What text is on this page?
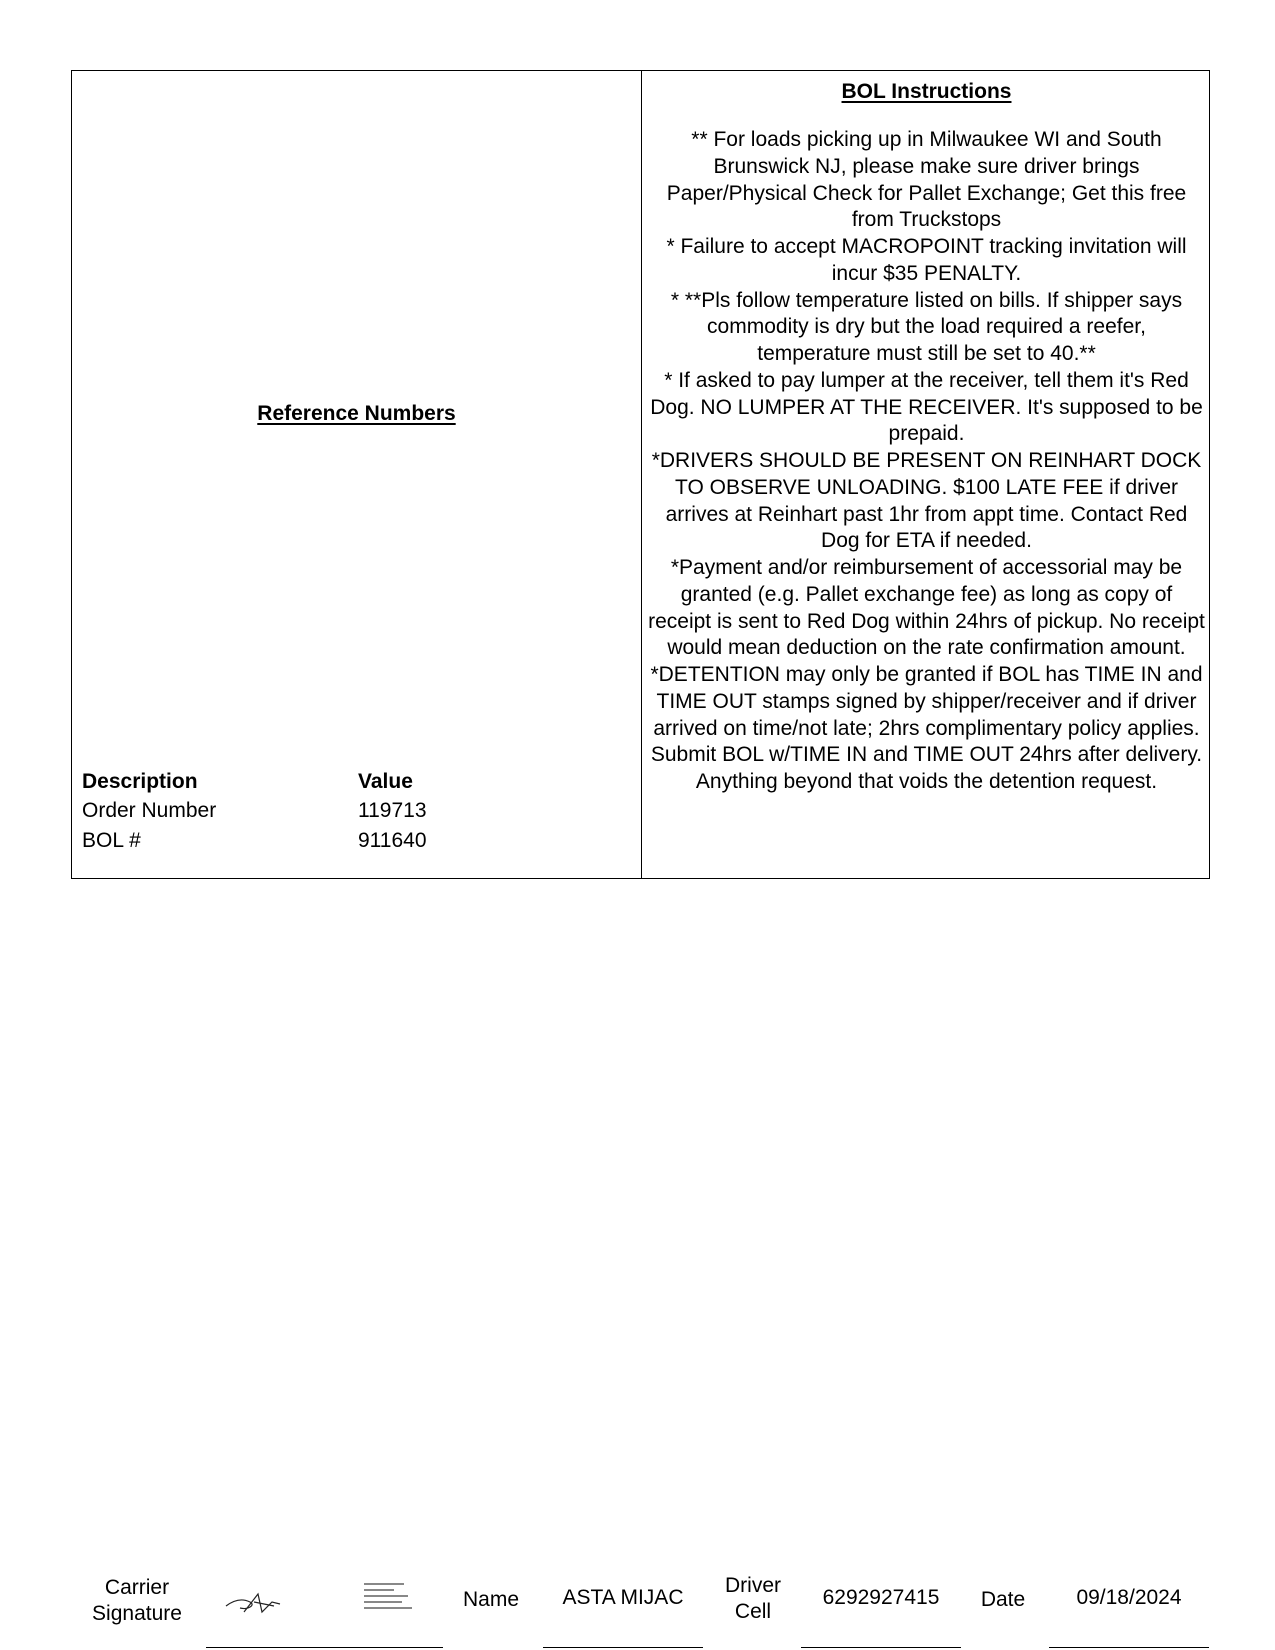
Reference Numbers
Description	Value
Order Number	119713
BOL #	911640
BOL Instructions

** For loads picking up in Milwaukee WI and South Brunswick NJ, please make sure driver brings Paper/Physical Check for Pallet Exchange; Get this free from Truckstops

* Failure to accept MACROPOINT tracking invitation will incur $35 PENALTY.

* **Pls follow temperature listed on bills. If shipper says commodity is dry but the load required a reefer, temperature must still be set to 40.**

* If asked to pay lumper at the receiver, tell them it's Red Dog. NO LUMPER AT THE RECEIVER. It's supposed to be prepaid.

*DRIVERS SHOULD BE PRESENT ON REINHART DOCK TO OBSERVE UNLOADING. $100 LATE FEE if driver arrives at Reinhart past 1hr from appt time. Contact Red Dog for ETA if needed.

*Payment and/or reimbursement of accessorial may be granted (e.g. Pallet exchange fee) as long as copy of receipt is sent to Red Dog within 24hrs of pickup. No receipt would mean deduction on the rate confirmation amount.

*DETENTION may only be granted if BOL has TIME IN and TIME OUT stamps signed by shipper/receiver and if driver arrived on time/not late; 2hrs complimentary policy applies. Submit BOL w/TIME IN and TIME OUT 24hrs after delivery. Anything beyond that voids the detention request.

Carrier
Signature
Name	ASTA MIJAC
Driver
Cell
6292927415	Date	09/18/2024
